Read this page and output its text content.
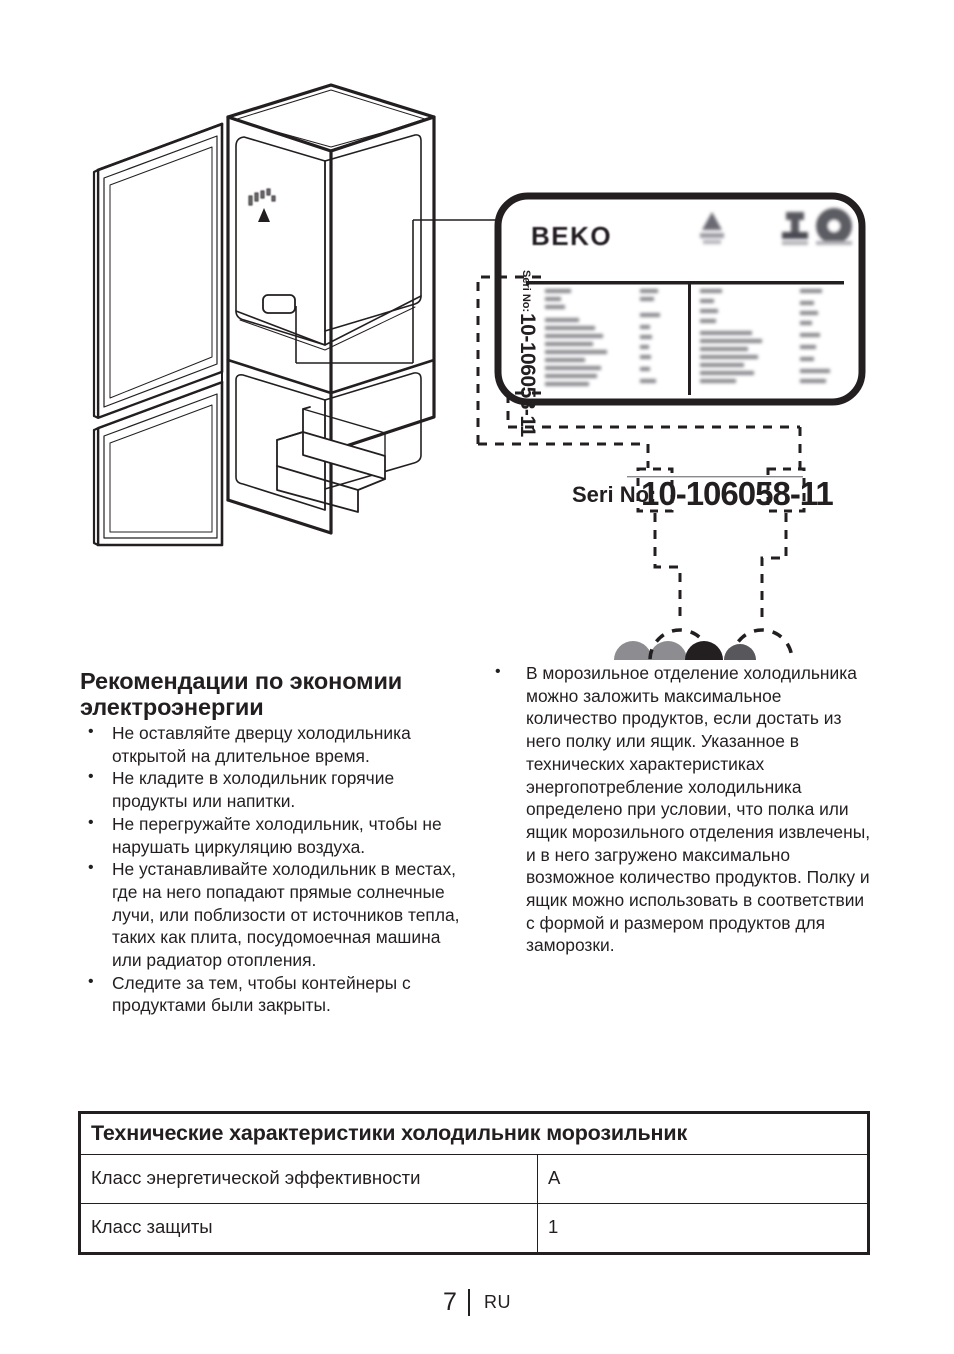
BEKO
Seri No:
10-106058-11
Seri No:
10-106058-11
Рекомендации по экономии электроэнергии
• Не оставляйте дверцу холодильника открытой на длительное время.
• Не кладите в холодильник горячие продукты или напитки.
• Не перегружайте холодильник, чтобы не нарушать циркуляцию воздуха.
• Не устанавливайте холодильник в местах, где на него попадают прямые солнечные лучи, или поблизости от источников тепла, таких как плита, посудомоечная машина или радиатор отопления.
• Следите за тем, чтобы контейнеры с продуктами были закрыты.
• В морозильное отделение холодильника можно заложить максимальное количество продуктов, если достать из него полку или ящик. Указанное в технических характеристиках энергопотребление холодильника определено при условии, что полка или ящик морозильного отделения извлечены, и в него загружено максимально возможное количество продуктов. Полку и ящик можно использовать в соответствии с формой и размером продуктов для заморозки.
Технические характеристики холодильник морозильник	
Класс энергетической эффективности	A
Класс защиты	1
7	RU
